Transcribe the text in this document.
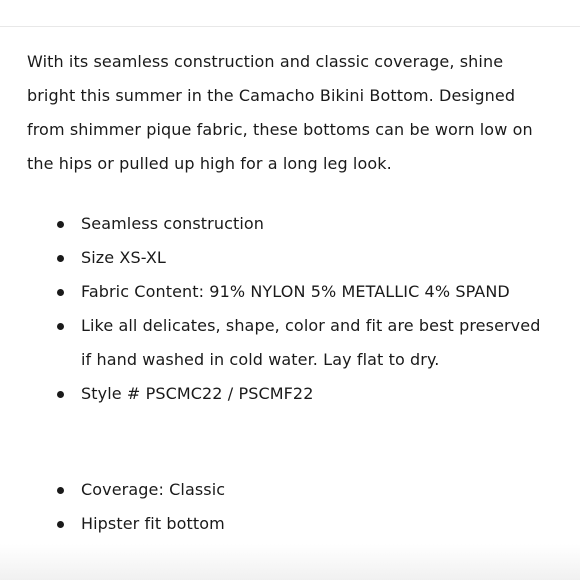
With its seamless construction and classic coverage, shine bright this summer in the Camacho Bikini Bottom. Designed from shimmer pique fabric, these bottoms can be worn low on the hips or pulled up high for a long leg look.

Seamless construction
Size XS-XL
Fabric Content: 91% NYLON 5% METALLIC 4% SPAND
Like all delicates, shape, color and fit are best preserved if hand washed in cold water. Lay flat to dry.
Style # PSCMC22 / PSCMF22
Coverage: Classic
Hipster fit bottom
